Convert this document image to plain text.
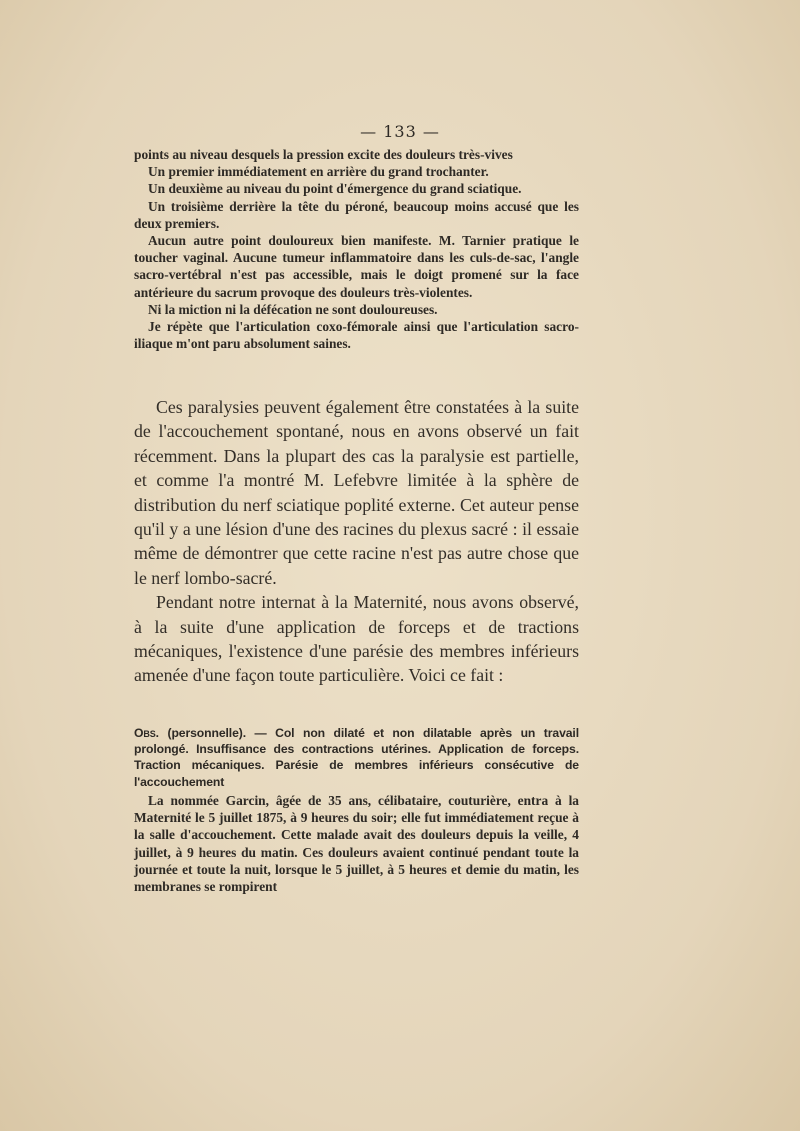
— 133 —

points au niveau desquels la pression excite des douleurs très-vives

Un premier immédiatement en arrière du grand trochanter.

Un deuxième au niveau du point d'émergence du grand sciatique.

Un troisième derrière la tête du péroné, beaucoup moins accusé que les deux premiers.

Aucun autre point douloureux bien manifeste. M. Tarnier pratique le toucher vaginal. Aucune tumeur inflammatoire dans les culs-de-sac, l'angle sacro-vertébral n'est pas accessible, mais le doigt promené sur la face antérieure du sacrum provoque des douleurs très-violentes.

Ni la miction ni la défécation ne sont douloureuses.

Je répète que l'articulation coxo-fémorale ainsi que l'articulation sacro-iliaque m'ont paru absolument saines.

Ces paralysies peuvent également être constatées à la suite de l'accouchement spontané, nous en avons observé un fait récemment. Dans la plupart des cas la paralysie est partielle, et comme l'a montré M. Lefebvre limitée à la sphère de distribution du nerf sciatique poplité externe. Cet auteur pense qu'il y a une lésion d'une des racines du plexus sacré : il essaie même de démontrer que cette racine n'est pas autre chose que le nerf lombo-sacré.

Pendant notre internat à la Maternité, nous avons observé, à la suite d'une application de forceps et de tractions mécaniques, l'existence d'une parésie des membres inférieurs amenée d'une façon toute particulière. Voici ce fait :

Obs. (personnelle). — Col non dilaté et non dilatable après un travail prolongé. Insuffisance des contractions utérines. Application de forceps. Traction mécaniques. Parésie de membres inférieurs consécutive de l'accouchement

La nommée Garcin, âgée de 35 ans, célibataire, couturière, entra à la Maternité le 5 juillet 1875, à 9 heures du soir; elle fut immédiatement reçue à la salle d'accouchement. Cette malade avait des douleurs depuis la veille, 4 juillet, à 9 heures du matin. Ces douleurs avaient continué pendant toute la journée et toute la nuit, lorsque le 5 juillet, à 5 heures et demie du matin, les membranes se rompirent
